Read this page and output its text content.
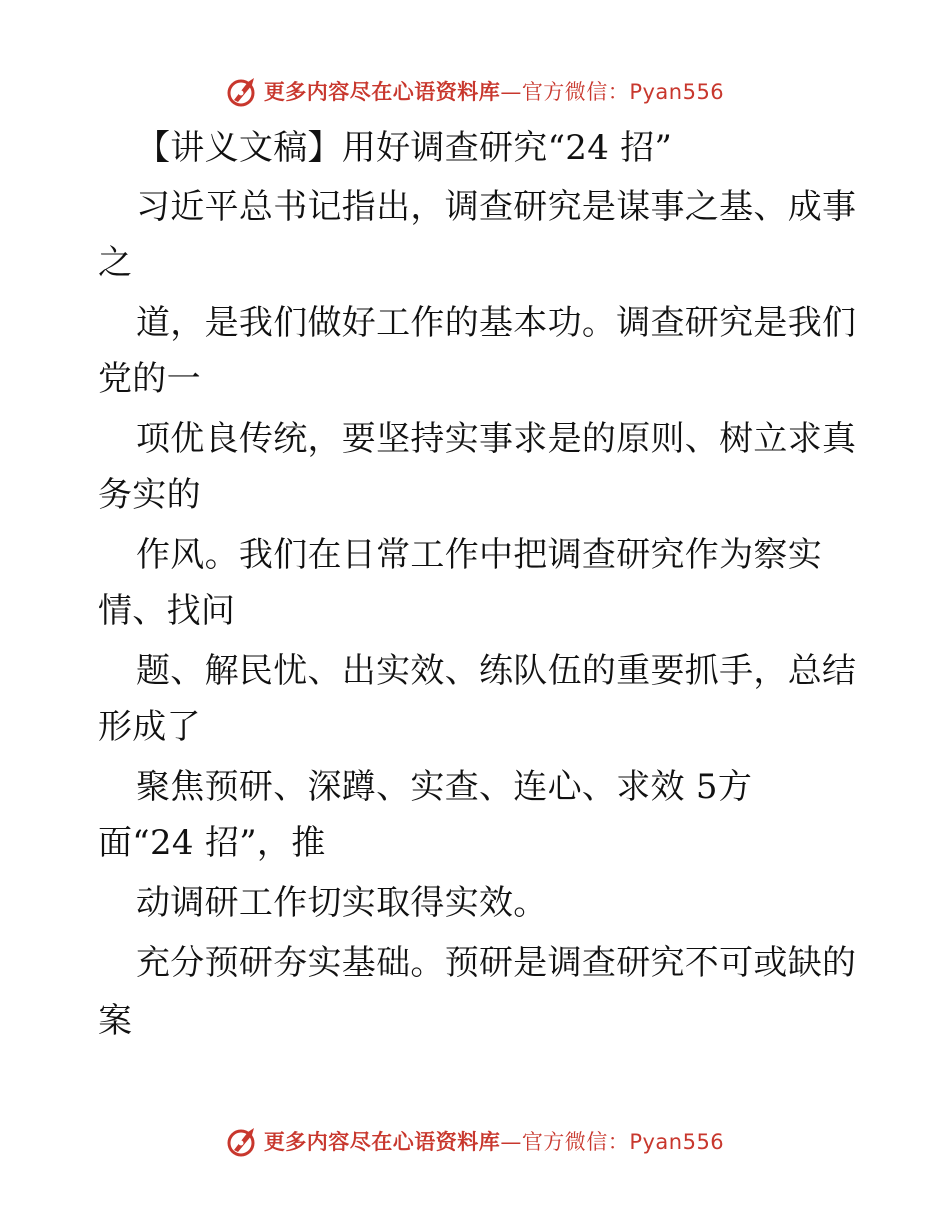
更多内容尽在心语资料库—官方微信：Pyan556
【讲义文稿】用好调查研究“24 招”
习近平总书记指出，调查研究是谋事之基、成事
之
道，是我们做好工作的基本功。调查研究是我们
党的一
项优良传统，要坚持实事求是的原则、树立求真
务实的
作风。我们在日常工作中把调查研究作为察实
情、找问
题、解民忧、出实效、练队伍的重要抓手，总结
形成了
聚焦预研、深蹲、实查、连心、求效 5方
面“24 招”，推
动调研工作切实取得实效。
充分预研夯实基础。预研是调查研究不可或缺的
案
更多内容尽在心语资料库—官方微信：Pyan556
